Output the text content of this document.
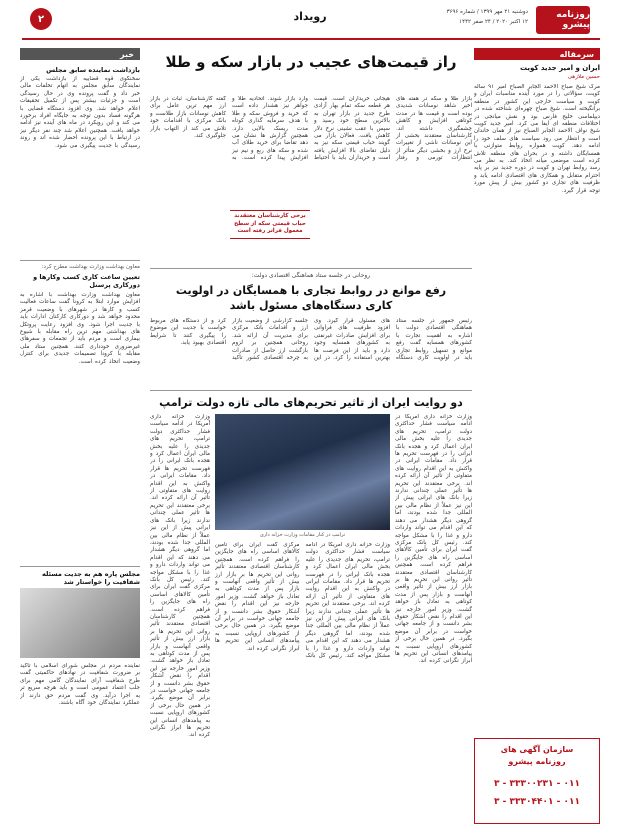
روزنامه پیشرو
دوشنبه ۲۱ مهر ۱۳۹۹ / شماره ۳۶۹۶
۱۲ اکتبر ۲۰۲۰ / ۲۴ صفر ۱۴۴۲
رویداد
۲
سرمقاله
ایران و امیر جدید کویت
حسین ملازهی
مرگ شیخ صباح الاحمد الجابر الصباح امیر ۹۱ ساله کویت، سؤالاتی را در مورد آینده مناسبات ایران و کویت و سیاست خارجی این کشور در منطقه برانگیخته است. شیخ صباح چهره‌ای شناخته شده در دیپلماسی خلیج فارس بود و نقش میانجی در اختلافات منطقه ای ایفا می کرد. امیر جدید کویت شیخ نواف الاحمد الجابر الصباح نیز از همان خاندان است و انتظار می رود سیاست های سلف خود را ادامه دهد. کویت همواره روابط متوازنی با همسایگان داشته و در بحران های منطقه تلاش کرده است موضعی میانه اتخاذ کند. به نظر می رسد روابط تهران و کویت در دوره جدید نیز بر پایه احترام متقابل و همکاری های اقتصادی ادامه یابد و ظرفیت های تجاری دو کشور بیش از پیش مورد توجه قرار گیرد.
سازمان آگهی های
روزنامه پیشرو
۰۱۱ - ۳۳۳۰۰۲۳۱ - ۳
۰۱۱ - ۳۳۳۰۴۴۰۱ - ۳
خبر
بازداشت نماینده سابق مجلس
سخنگوی قوه قضاییه از بازداشت یکی از نمایندگان سابق مجلس به اتهام تخلفات مالی خبر داد و گفت پرونده وی در حال رسیدگی است و جزئیات بیشتر پس از تکمیل تحقیقات اعلام خواهد شد. وی افزود دستگاه قضایی با هرگونه فساد بدون توجه به جایگاه افراد برخورد می کند و این رویکرد در ماه های آینده نیز ادامه خواهد یافت. همچنین اعلام شد چند نفر دیگر نیز در ارتباط با این پرونده احضار شده اند و روند رسیدگی با جدیت پیگیری می شود.
معاون بهداشت وزارت بهداشت مطرح کرد:
تعیین ساعت کاری کسب وکارها و دورکاری پرسنل
معاون بهداشت وزارت بهداشت با اشاره به افزایش موارد ابتلا به کرونا گفت ساعات فعالیت کسب و کارها در شهرهای با وضعیت قرمز محدود خواهد شد و دورکاری کارکنان ادارات باید با جدیت اجرا شود. وی افزود رعایت پروتکل های بهداشتی مهم ترین راه مقابله با شیوع بیماری است و مردم باید از تجمعات و سفرهای غیرضروری خودداری کنند. همچنین ستاد ملی مقابله با کرونا تصمیمات جدیدی برای کنترل وضعیت اتخاذ کرده است.
مجلس پاره هم به جدیت مسئله شفافیت را خواستار شد
نماینده مردم در مجلس شورای اسلامی با تاکید بر ضرورت شفافیت در نهادهای حاکمیتی گفت طرح شفافیت آرای نمایندگان گامی مهم برای جلب اعتماد عمومی است و باید هرچه سریع تر به اجرا درآید. وی گفت مردم حق دارند از عملکرد نمایندگان خود آگاه باشند.
راز قیمت‌های عجیب در بازار سکه و طلا
بازار طلا و سکه در هفته های اخیر شاهد نوسانات شدیدی بوده است و قیمت ها در مدت کوتاهی افزایش و کاهش چشمگیری داشته اند. کارشناسان معتقدند بخشی از این نوسانات ناشی از تغییرات نرخ ارز و بخشی دیگر متأثر از انتظارات تورمی و رفتار هیجانی خریداران است. قیمت هر قطعه سکه تمام بهار آزادی طرح جدید در بازار تهران به بالاترین سطح خود رسید و سپس با عقب نشینی نرخ دلار کاهش یافت. فعالان بازار می گویند حباب قیمتی سکه نیز به دلیل تقاضای بالا افزایش یافته است و خریداران باید با احتیاط وارد بازار شوند. اتحادیه طلا و جواهر نیز هشدار داده است که خرید و فروش سکه و طلا با هدف سرمایه گذاری کوتاه مدت ریسک بالایی دارد. همچنین گزارش ها نشان می دهد تقاضا برای خرید طلای آب شده و سکه های ربع و نیم نیز افزایش پیدا کرده است. به گفته کارشناسان، ثبات در بازار ارز مهم ترین عامل برای کاهش نوسانات بازار طلاست و بانک مرکزی با اقدامات خود تلاش می کند از التهاب بازار جلوگیری کند.
برخی کارشناسان معتقدند حباب قیمتی سکه از سطح معمول فراتر رفته است
روحانی در جلسه ستاد هماهنگی اقتصادی دولت:
رفع موانع در روابط تجاری با همسایگان در اولویت کاری دستگاه‌های مسئول باشد
رئیس جمهور در جلسه ستاد هماهنگی اقتصادی دولت با اشاره به اهمیت تجارت با کشورهای همسایه گفت رفع موانع و تسهیل روابط تجاری باید در اولویت کاری دستگاه های مسئول قرار گیرد. وی افزود ظرفیت های فراوانی برای افزایش صادرات غیرنفتی به کشورهای همسایه وجود دارد و باید از این فرصت ها بهترین استفاده را کرد. در این جلسه گزارشی از وضعیت بازار ارز و اقدامات بانک مرکزی برای مدیریت آن ارائه شد. روحانی همچنین بر لزوم بازگشت ارز حاصل از صادرات به چرخه اقتصادی کشور تاکید کرد و از دستگاه های مربوط خواست با جدیت این موضوع را پیگیری کنند تا شرایط اقتصادی بهبود یابد.
دو روایت ایران از تاثیر تحریم‌های مالی تازه دولت ترامپ
ترامپ در کنار مقامات وزارت خزانه داری
وزارت خزانه داری آمریکا در ادامه سیاست فشار حداکثری دولت ترامپ، تحریم های جدیدی را علیه بخش مالی ایران اعمال کرد و هجده بانک ایرانی را در فهرست تحریم ها قرار داد. مقامات ایرانی در واکنش به این اقدام روایت های متفاوتی از تأثیر آن ارائه کرده اند. برخی معتقدند این تحریم ها تأثیر عملی چندانی ندارند زیرا بانک های ایرانی پیش از این نیز عملاً از نظام مالی بین المللی جدا شده بودند، اما گروهی دیگر هشدار می دهند که این اقدام می تواند واردات دارو و غذا را با مشکل مواجه کند. رئیس کل بانک مرکزی گفت ایران برای تأمین کالاهای اساسی راه های جایگزین را فراهم کرده است. همچنین کارشناسان اقتصادی معتقدند تأثیر روانی این تحریم ها بر بازار ارز بیش از تأثیر واقعی آنهاست و بازار پس از مدت کوتاهی به تعادل باز خواهد گشت. وزیر امور خارجه نیز این اقدام را نقض آشکار حقوق بشر دانست و از جامعه جهانی خواست در برابر آن موضع بگیرد. در همین حال برخی از کشورهای اروپایی نسبت به پیامدهای انسانی این تحریم ها ابراز نگرانی کرده اند.
وزارت خزانه داری آمریکا در ادامه سیاست فشار حداکثری دولت ترامپ، تحریم های جدیدی را علیه بخش مالی ایران اعمال کرد و هجده بانک ایرانی را در فهرست تحریم ها قرار داد. مقامات ایرانی در واکنش به این اقدام روایت های متفاوتی از تأثیر آن ارائه کرده اند. برخی معتقدند این تحریم ها تأثیر عملی چندانی ندارند زیرا بانک های ایرانی پیش از این نیز عملاً از نظام مالی بین المللی جدا شده بودند، اما گروهی دیگر هشدار می دهند که این اقدام می تواند واردات دارو و غذا را با مشکل مواجه کند. رئیس کل بانک مرکزی گفت ایران برای تأمین کالاهای اساسی راه های جایگزین را فراهم کرده است. همچنین کارشناسان اقتصادی معتقدند تأثیر روانی این تحریم ها بر بازار ارز بیش از تأثیر واقعی آنهاست و بازار پس از مدت کوتاهی به تعادل باز خواهد گشت. وزیر امور خارجه نیز این اقدام را نقض آشکار حقوق بشر دانست و از جامعه جهانی خواست در برابر آن موضع بگیرد. در همین حال برخی از کشورهای اروپایی نسبت به پیامدهای انسانی این تحریم ها ابراز نگرانی کرده اند.
وزارت خزانه داری آمریکا در ادامه سیاست فشار حداکثری دولت ترامپ، تحریم های جدیدی را علیه بخش مالی ایران اعمال کرد و هجده بانک ایرانی را در فهرست تحریم ها قرار داد. مقامات ایرانی در واکنش به این اقدام روایت های متفاوتی از تأثیر آن ارائه کرده اند. برخی معتقدند این تحریم ها تأثیر عملی چندانی ندارند زیرا بانک های ایرانی پیش از این نیز عملاً از نظام مالی بین المللی جدا شده بودند، اما گروهی دیگر هشدار می دهند که این اقدام می تواند واردات دارو و غذا را با مشکل مواجه کند. رئیس کل بانک مرکزی گفت ایران برای تأمین کالاهای اساسی راه های جایگزین را فراهم کرده است. همچنین کارشناسان اقتصادی معتقدند تأثیر روانی این تحریم ها بر بازار ارز بیش از تأثیر واقعی آنهاست و بازار پس از مدت کوتاهی به تعادل باز خواهد گشت. وزیر امور خارجه نیز این اقدام را نقض آشکار حقوق بشر دانست و از جامعه جهانی خواست در برابر آن موضع بگیرد. در همین حال برخی از کشورهای اروپایی نسبت به پیامدهای انسانی این تحریم ها ابراز نگرانی کرده اند.
